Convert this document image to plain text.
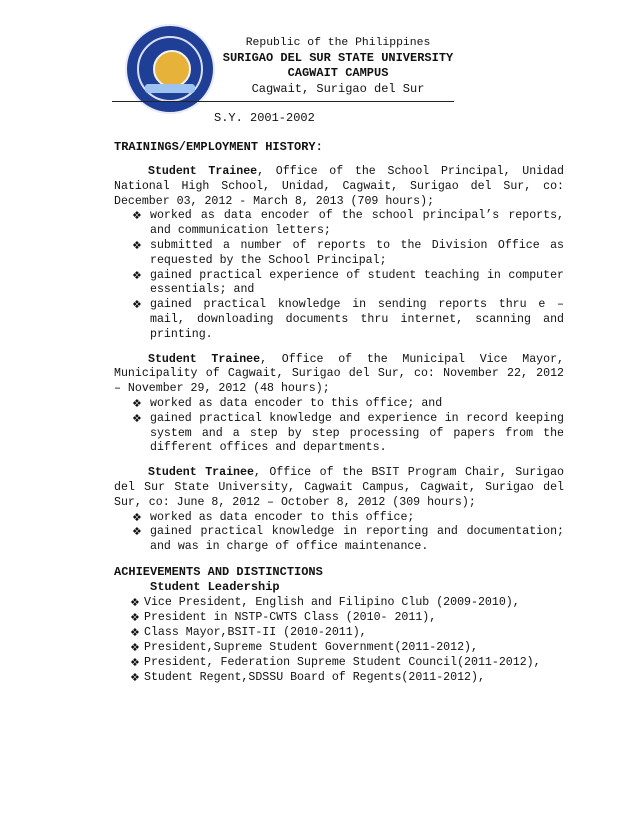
Republic of the Philippines
SURIGAO DEL SUR STATE UNIVERSITY
CAGWAIT CAMPUS
Cagwait, Surigao del Sur
S.Y. 2001-2002
TRAININGS/EMPLOYMENT HISTORY:

Student Trainee, Office of the School Principal, Unidad National High School, Unidad, Cagwait, Surigao del Sur, co: December 03, 2012 - March 8, 2013 (709 hours);

❖ worked as data encoder of the school principal’s reports, and communication letters;
❖ submitted a number of reports to the Division Office as requested by the School Principal;
❖ gained practical experience of student teaching in computer essentials; and
❖ gained practical knowledge in sending reports thru e – mail, downloading documents thru internet, scanning and printing.

Student Trainee, Office of the Municipal Vice Mayor, Municipality of Cagwait, Surigao del Sur, co: November 22, 2012 – November 29, 2012 (48 hours);

❖ worked as data encoder to this office; and
❖ gained practical knowledge and experience in record keeping system and a step by step processing of papers from the different offices and departments.

Student Trainee, Office of the BSIT Program Chair, Surigao del Sur State University, Cagwait Campus, Cagwait, Surigao del Sur, co: June 8, 2012 – October 8, 2012 (309 hours);

❖ worked as data encoder to this office;
❖ gained practical knowledge in reporting and documentation; and was in charge of office maintenance.
ACHIEVEMENTS AND DISTINCTIONS
Student Leadership
❖ Vice President, English and Filipino Club (2009-2010),
❖ President in NSTP-CWTS Class (2010- 2011),
❖ Class Mayor,BSIT-II (2010-2011),
❖ President,Supreme Student Government(2011-2012),
❖ President, Federation Supreme Student Council(2011-2012),
❖ Student Regent,SDSSU Board of Regents(2011-2012),
